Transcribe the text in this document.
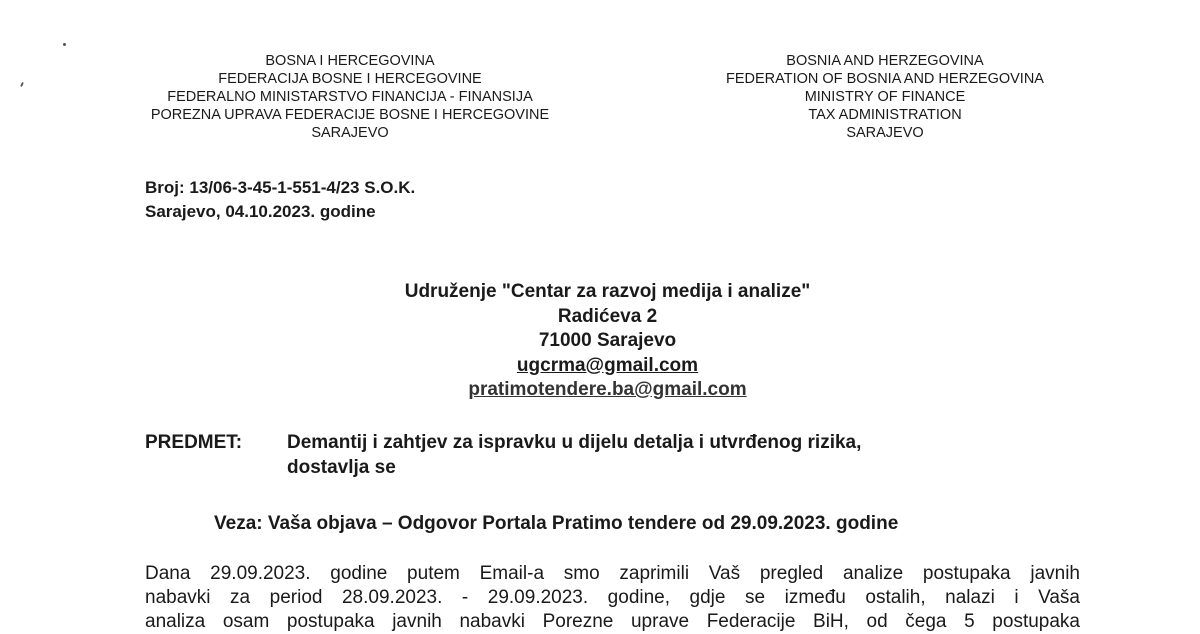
BOSNA I HERCEGOVINA
FEDERACIJA BOSNE I HERCEGOVINE
FEDERALNO MINISTARSTVO FINANCIJA - FINANSIJA
POREZNA UPRAVA FEDERACIJE BOSNE I HERCEGOVINE
SARAJEVO
BOSNIA AND HERZEGOVINA
FEDERATION OF BOSNIA AND HERZEGOVINA
MINISTRY OF FINANCE
TAX ADMINISTRATION
SARAJEVO
Broj: 13/06-3-45-1-551-4/23 S.O.K.
Sarajevo, 04.10.2023. godine
Udruženje "Centar za razvoj medija i analize"
Radićeva 2
71000 Sarajevo
ugcrma@gmail.com
pratimotendere.ba@gmail.com
PREDMET: Demantij i zahtjev za ispravku u dijelu detalja i utvrđenog rizika,
dostavlja se
Veza: Vaša objava – Odgovor Portala Pratimo tendere od 29.09.2023. godine
Dana 29.09.2023. godine putem Email-a smo zaprimili Vaš pregled analize postupaka javnih
nabavki za period 28.09.2023. - 29.09.2023. godine, gdje se između ostalih, nalazi i Vaša
analiza osam postupaka javnih nabavki Porezne uprave Federacije BiH, od čega 5 postupaka
